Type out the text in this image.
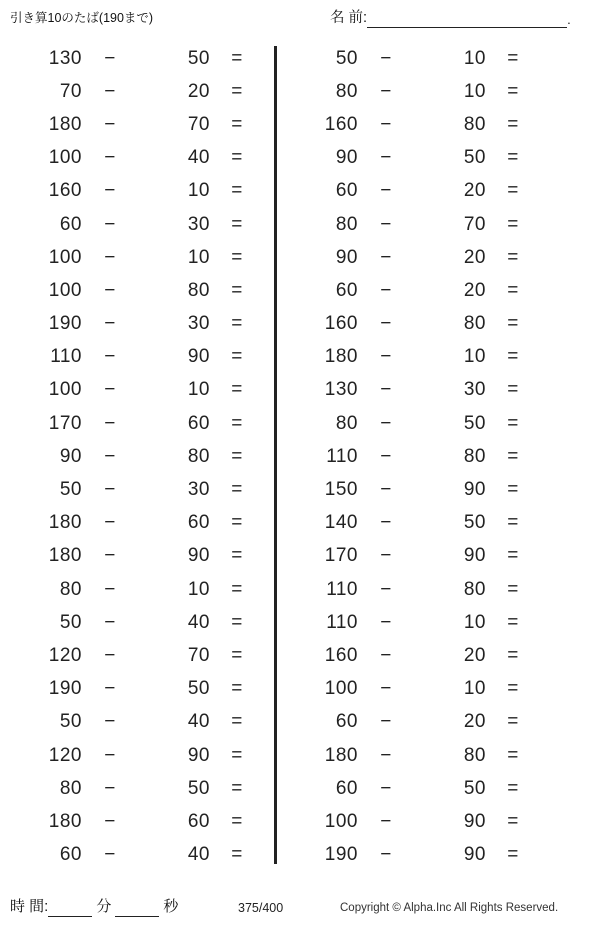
引き算10のたば(190まで)	名 前:	.
130	−	50	=
70	−	20	=
180	−	70	=
100	−	40	=
160	−	10	=
60	−	30	=
100	−	10	=
100	−	80	=
190	−	30	=
110	−	90	=
100	−	10	=
170	−	60	=
90	−	80	=
50	−	30	=
180	−	60	=
180	−	90	=
80	−	10	=
50	−	40	=
120	−	70	=
190	−	50	=
50	−	40	=
120	−	90	=
80	−	50	=
180	−	60	=
60	−	40	=
50	−	10	=
80	−	10	=
160	−	80	=
90	−	50	=
60	−	20	=
80	−	70	=
90	−	20	=
60	−	20	=
160	−	80	=
180	−	10	=
130	−	30	=
80	−	50	=
110	−	80	=
150	−	90	=
140	−	50	=
170	−	90	=
110	−	80	=
110	−	10	=
160	−	20	=
100	−	10	=
60	−	20	=
180	−	80	=
60	−	50	=
100	−	90	=
190	−	90	=
時 間:	分	秒	375/400	Copyright © Alpha.Inc All Rights Reserved.
